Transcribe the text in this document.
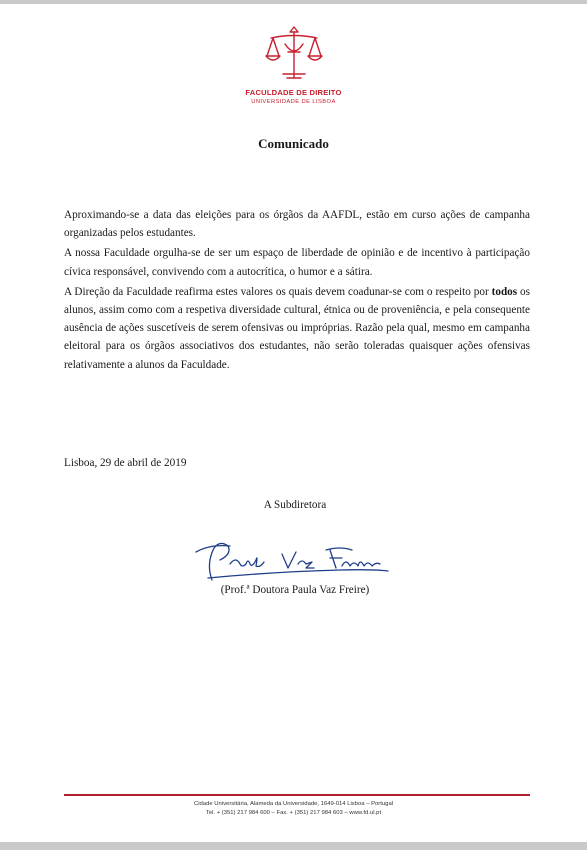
FACULDADE DE DIREITO
UNIVERSIDADE DE LISBOA
Comunicado

Aproximando-se a data das eleições para os órgãos da AAFDL, estão em curso ações de campanha organizadas pelos estudantes.

A nossa Faculdade orgulha-se de ser um espaço de liberdade de opinião e de incentivo à participação cívica responsável, convivendo com a autocrítica, o humor e a sátira.

A Direção da Faculdade reafirma estes valores os quais devem coadunar-se com o respeito por todos os alunos, assim como com a respetiva diversidade cultural, étnica ou de proveniência, e pela consequente ausência de ações suscetíveis de serem ofensivas ou impróprias. Razão pela qual, mesmo em campanha eleitoral para os órgãos associativos dos estudantes, não serão toleradas quaisquer ações ofensivas relativamente a alunos da Faculdade.

Lisboa, 29 de abril de 2019
A Subdiretora
(Prof.ª Doutora Paula Vaz Freire)
Cidade Universitária, Alameda da Universidade, 1649-014 Lisboa – Portugal
Tel. + (351) 217 984 600 – Fax. + (351) 217 984 603 – www.fd.ul.pt
